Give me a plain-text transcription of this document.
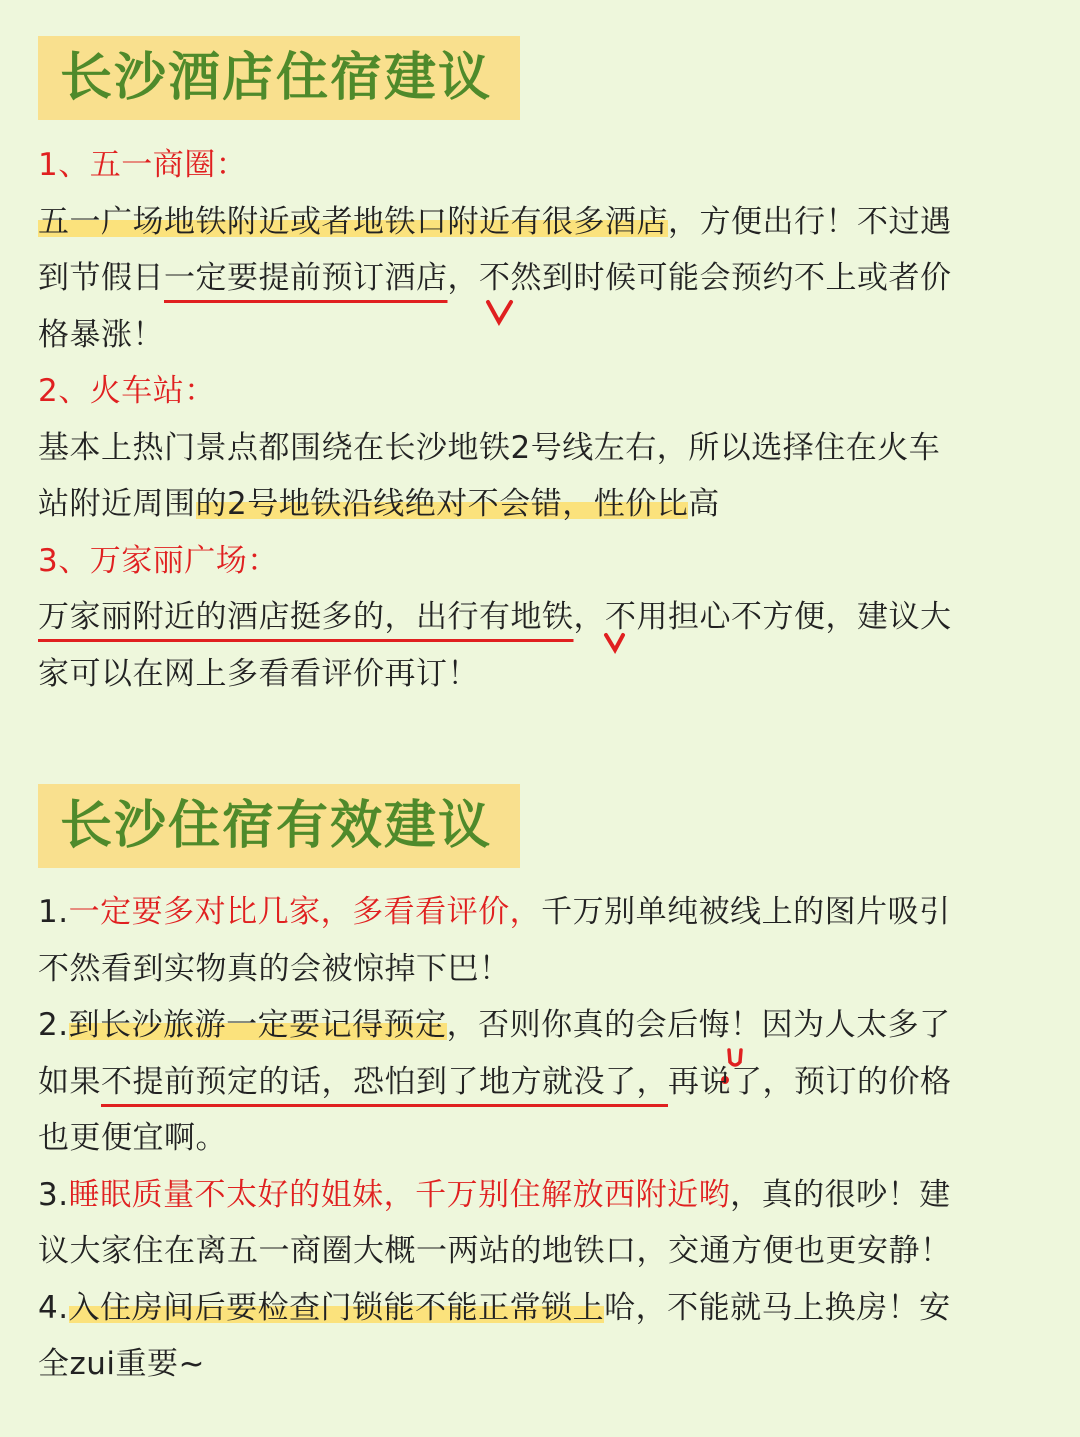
长沙酒店住宿建议
1、五一商圈：
五一广场地铁附近或者地铁口附近有很多酒店，方便出行！不过遇
到节假日一定要提前预订酒店，不然到时候可能会预约不上或者价
格暴涨！
2、火车站：
基本上热门景点都围绕在长沙地铁2号线左右，所以选择住在火车
站附近周围的2号地铁沿线绝对不会错，性价比高
3、万家丽广场：
万家丽附近的酒店挺多的，出行有地铁，不用担心不方便，建议大
家可以在网上多看看评价再订！
长沙住宿有效建议
1.一定要多对比几家，多看看评价，千万别单纯被线上的图片吸引
不然看到实物真的会被惊掉下巴！
2.到长沙旅游一定要记得预定，否则你真的会后悔！因为人太多了
如果不提前预定的话，恐怕到了地方就没了，再说了，预订的价格
也更便宜啊。
3.睡眠质量不太好的姐妹，千万别住解放西附近哟，真的很吵！建
议大家住在离五一商圈大概一两站的地铁口，交通方便也更安静！
4.入住房间后要检查门锁能不能正常锁上哈，不能就马上换房！安
全zui重要~
